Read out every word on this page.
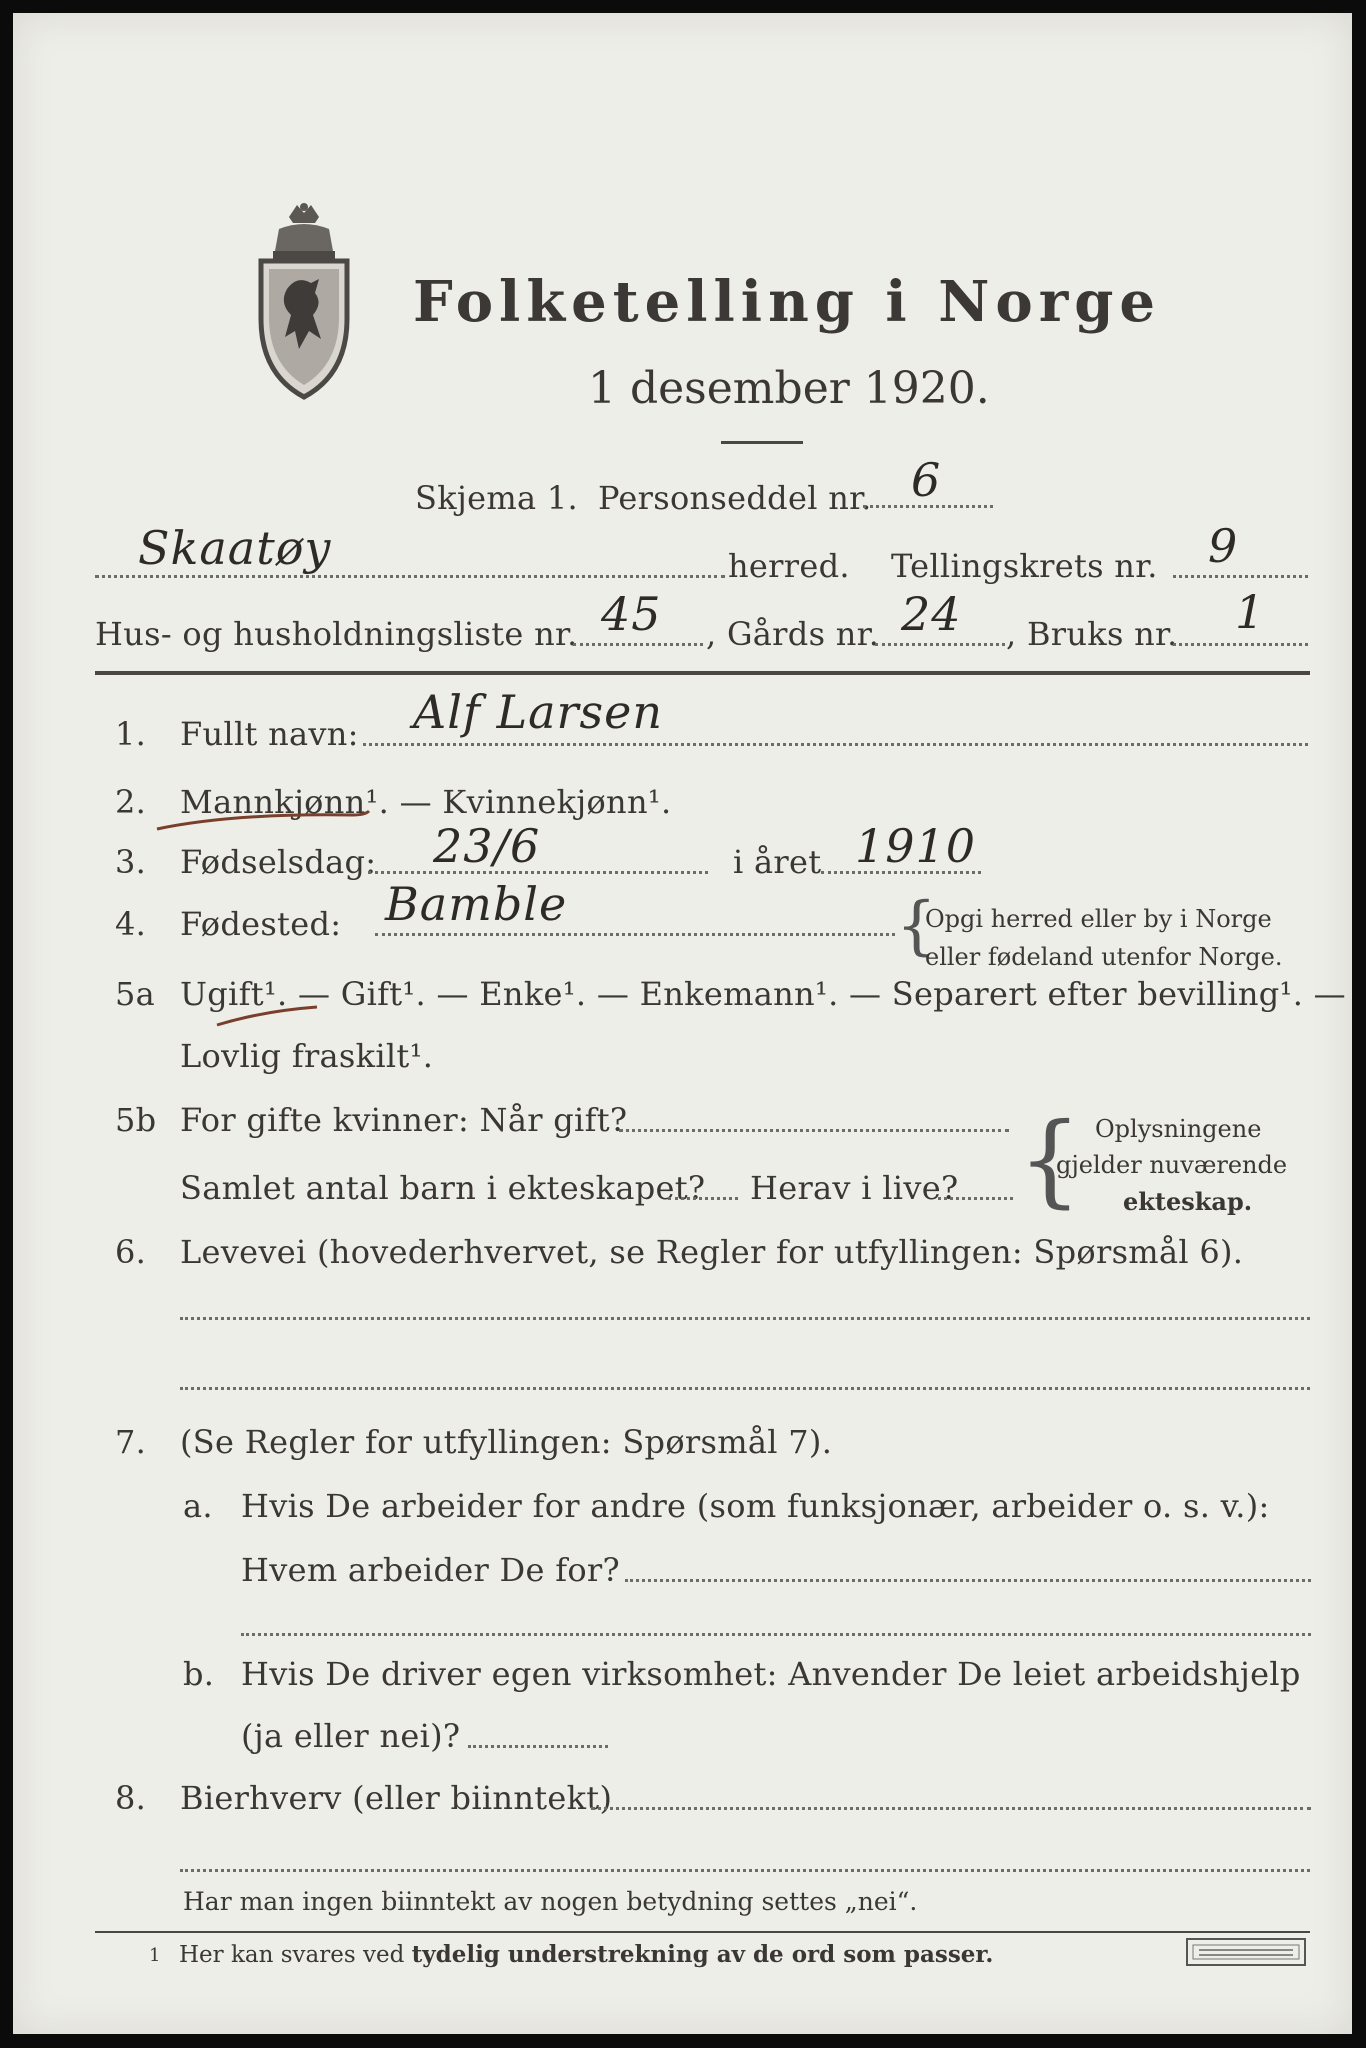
Folketelling i Norge
1 desember 1920.
Skjema 1. Personseddel nr. 6
Skaatøy	herred. Tellingskrets nr. 9
Hus- og husholdningsliste nr. 45 , Gårds nr. 24 , Bruks nr. 1
1. Fullt navn: Alf Larsen
2. Mannkjønn¹. — Kvinnekjønn¹.
3. Fødselsdag: 23/6	i året 1910
4. Fødested: Bamble	{
Opgi herred eller by i Norge
eller fødeland utenfor Norge.
5a Ugift¹. — Gift¹. — Enke¹. — Enkemann¹. — Separert efter bevilling¹. —
Lovlig fraskilt¹.
5b For gifte kvinner: Når gift?
Samlet antal barn i ekteskapet? Herav i live? { Oplysningene
gjelder nuværende
ekteskap.
6. Levevei (hovederhvervet, se Regler for utfyllingen: Spørsmål 6).
7. (Se Regler for utfyllingen: Spørsmål 7).
a. Hvis De arbeider for andre (som funksjonær, arbeider o. s. v.):
Hvem arbeider De for?
b. Hvis De driver egen virksomhet: Anvender De leiet arbeidshjelp
(ja eller nei)?
8. Bierhverv (eller biinntekt)
Har man ingen biinntekt av nogen betydning settes „nei“.
1 Her kan svares ved tydelig understrekning av de ord som passer.
